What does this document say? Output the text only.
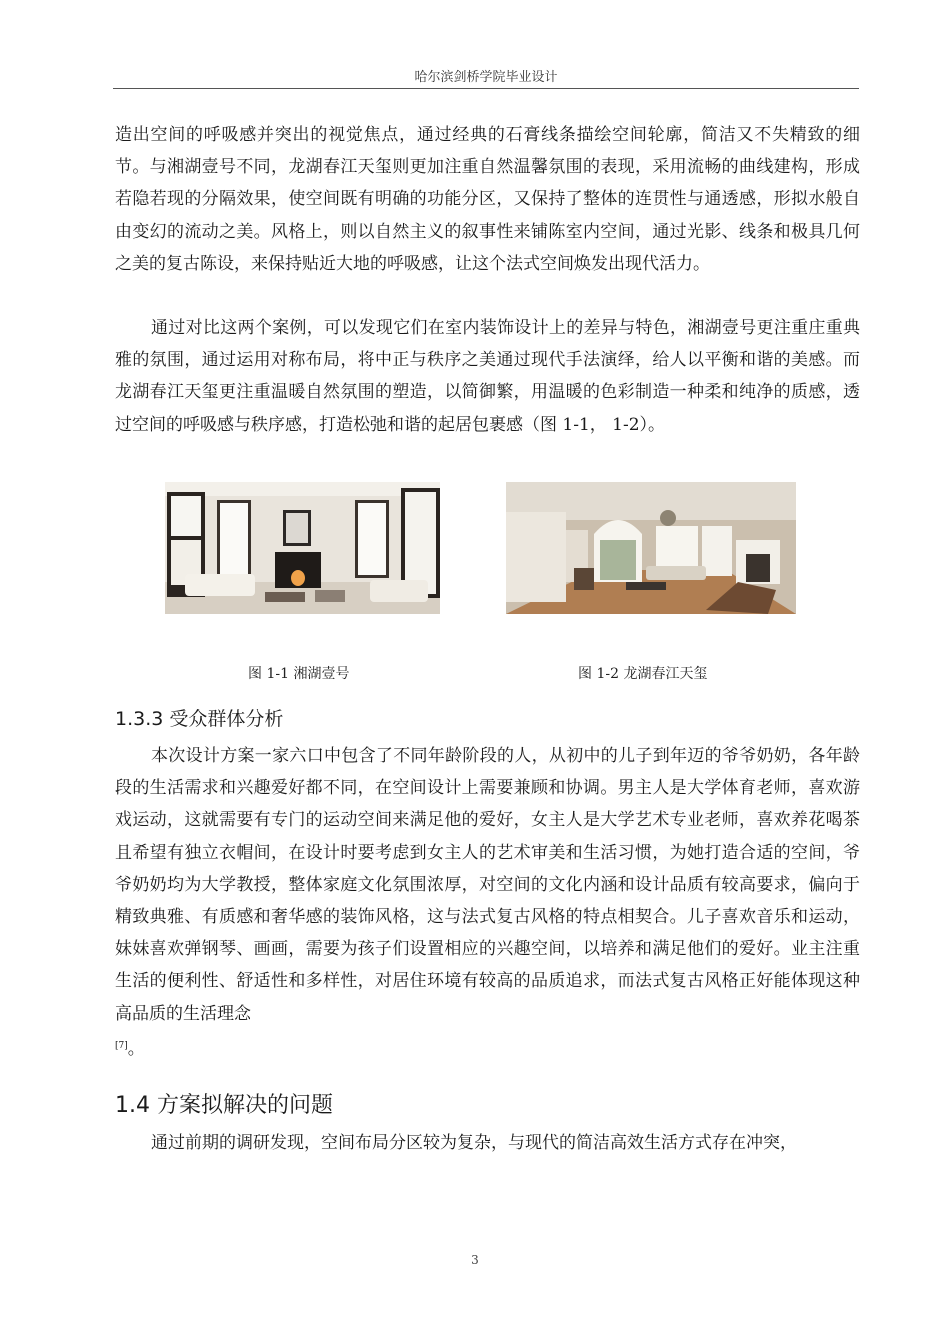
哈尔滨剑桥学院毕业设计

造出空间的呼吸感并突出的视觉焦点，通过经典的石膏线条描绘空间轮廓，简洁又不失精致的细节。与湘湖壹号不同，龙湖春江天玺则更加注重自然温馨氛围的表现，采用流畅的曲线建构，形成若隐若现的分隔效果，使空间既有明确的功能分区，又保持了整体的连贯性与通透感，形拟水般自由变幻的流动之美。风格上，则以自然主义的叙事性来铺陈室内空间，通过光影、线条和极具几何之美的复古陈设，来保持贴近大地的呼吸感，让这个法式空间焕发出现代活力。

通过对比这两个案例，可以发现它们在室内装饰设计上的差异与特色，湘湖壹号更注重庄重典雅的氛围，通过运用对称布局，将中正与秩序之美通过现代手法演绎，给人以平衡和谐的美感。而龙湖春江天玺更注重温暖自然氛围的塑造，以简御繁，用温暖的色彩制造一种柔和纯净的质感，透过空间的呼吸感与秩序感，打造松弛和谐的起居包裹感（图 1-1， 1-2）。

图 1-1 湘湖壹号	图 1-2 龙湖春江天玺
1.3.3 受众群体分析

本次设计方案一家六口中包含了不同年龄阶段的人，从初中的儿子到年迈的爷爷奶奶，各年龄段的生活需求和兴趣爱好都不同，在空间设计上需要兼顾和协调。男主人是大学体育老师，喜欢游戏运动，这就需要有专门的运动空间来满足他的爱好，女主人是大学艺术专业老师，喜欢养花喝茶且希望有独立衣帽间，在设计时要考虑到女主人的艺术审美和生活习惯，为她打造合适的空间，爷爷奶奶均为大学教授，整体家庭文化氛围浓厚，对空间的文化内涵和设计品质有较高要求，偏向于精致典雅、有质感和奢华感的装饰风格，这与法式复古风格的特点相契合。儿子喜欢音乐和运动，妹妹喜欢弹钢琴、画画，需要为孩子们设置相应的兴趣空间，以培养和满足他们的爱好。业主注重生活的便利性、舒适性和多样性，对居住环境有较高的品质追求，而法式复古风格正好能体现这种高品质的生活理念
[7]。

1.4 方案拟解决的问题

通过前期的调研发现，空间布局分区较为复杂，与现代的简洁高效生活方式存在冲突，

3
